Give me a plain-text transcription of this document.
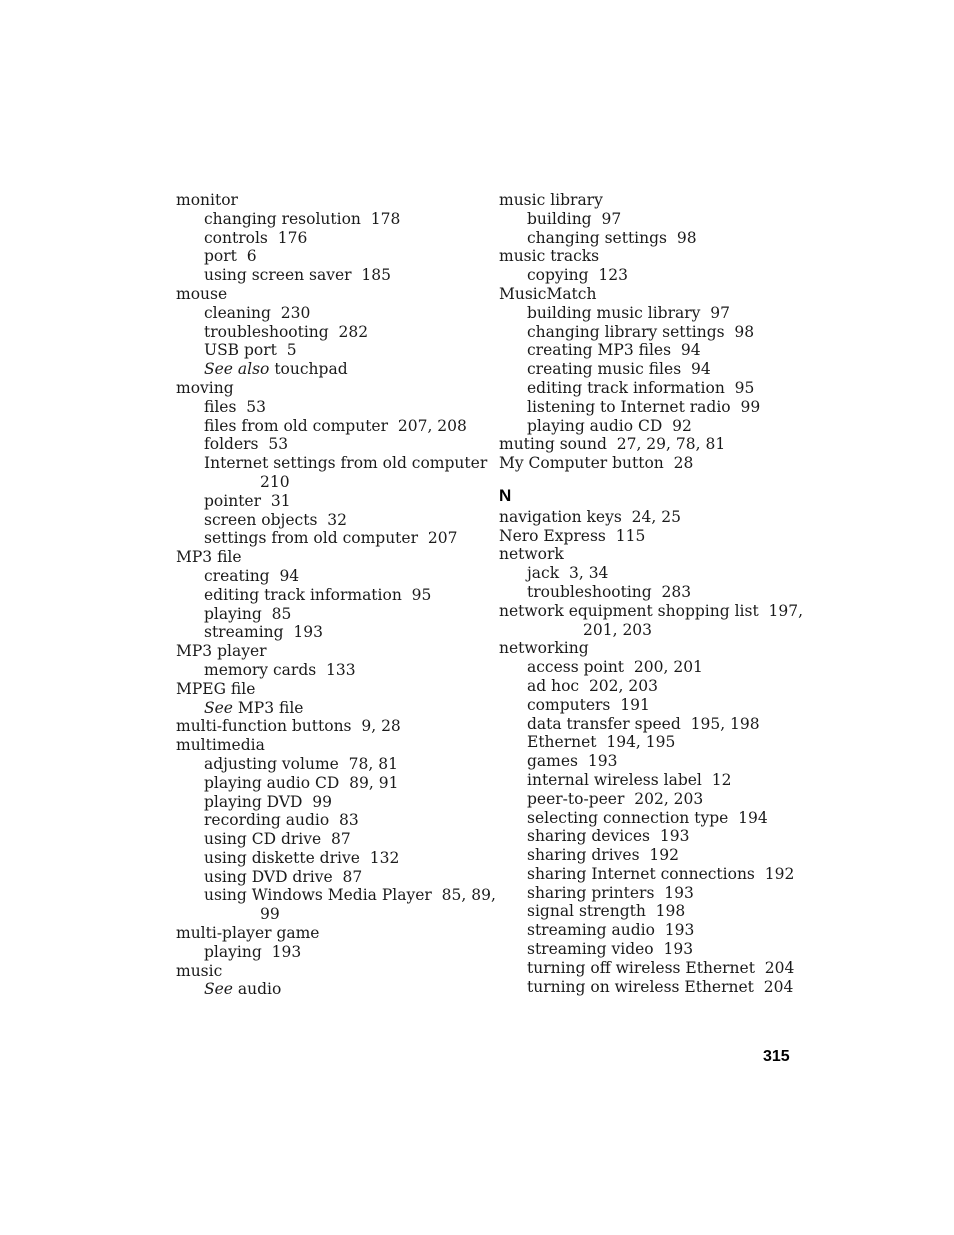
monitor
changing resolution  178
controls  176
port  6
using screen saver  185
mouse
cleaning  230
troubleshooting  282
USB port  5
See also touchpad
moving
files  53
files from old computer  207, 208
folders  53
Internet settings from old computer
210
pointer  31
screen objects  32
settings from old computer  207
MP3 file
creating  94
editing track information  95
playing  85
streaming  193
MP3 player
memory cards  133
MPEG file
See MP3 file
multi-function buttons  9, 28
multimedia
adjusting volume  78, 81
playing audio CD  89, 91
playing DVD  99
recording audio  83
using CD drive  87
using diskette drive  132
using DVD drive  87
using Windows Media Player  85, 89,
99
multi-player game
playing  193
music
See audio
music library
building  97
changing settings  98
music tracks
copying  123
MusicMatch
building music library  97
changing library settings  98
creating MP3 files  94
creating music files  94
editing track information  95
listening to Internet radio  99
playing audio CD  92
muting sound  27, 29, 78, 81
My Computer button  28
N
navigation keys  24, 25
Nero Express  115
network
jack  3, 34
troubleshooting  283
network equipment shopping list  197,
201, 203
networking
access point  200, 201
ad hoc  202, 203
computers  191
data transfer speed  195, 198
Ethernet  194, 195
games  193
internal wireless label  12
peer-to-peer  202, 203
selecting connection type  194
sharing devices  193
sharing drives  192
sharing Internet connections  192
sharing printers  193
signal strength  198
streaming audio  193
streaming video  193
turning off wireless Ethernet  204
turning on wireless Ethernet  204
315
